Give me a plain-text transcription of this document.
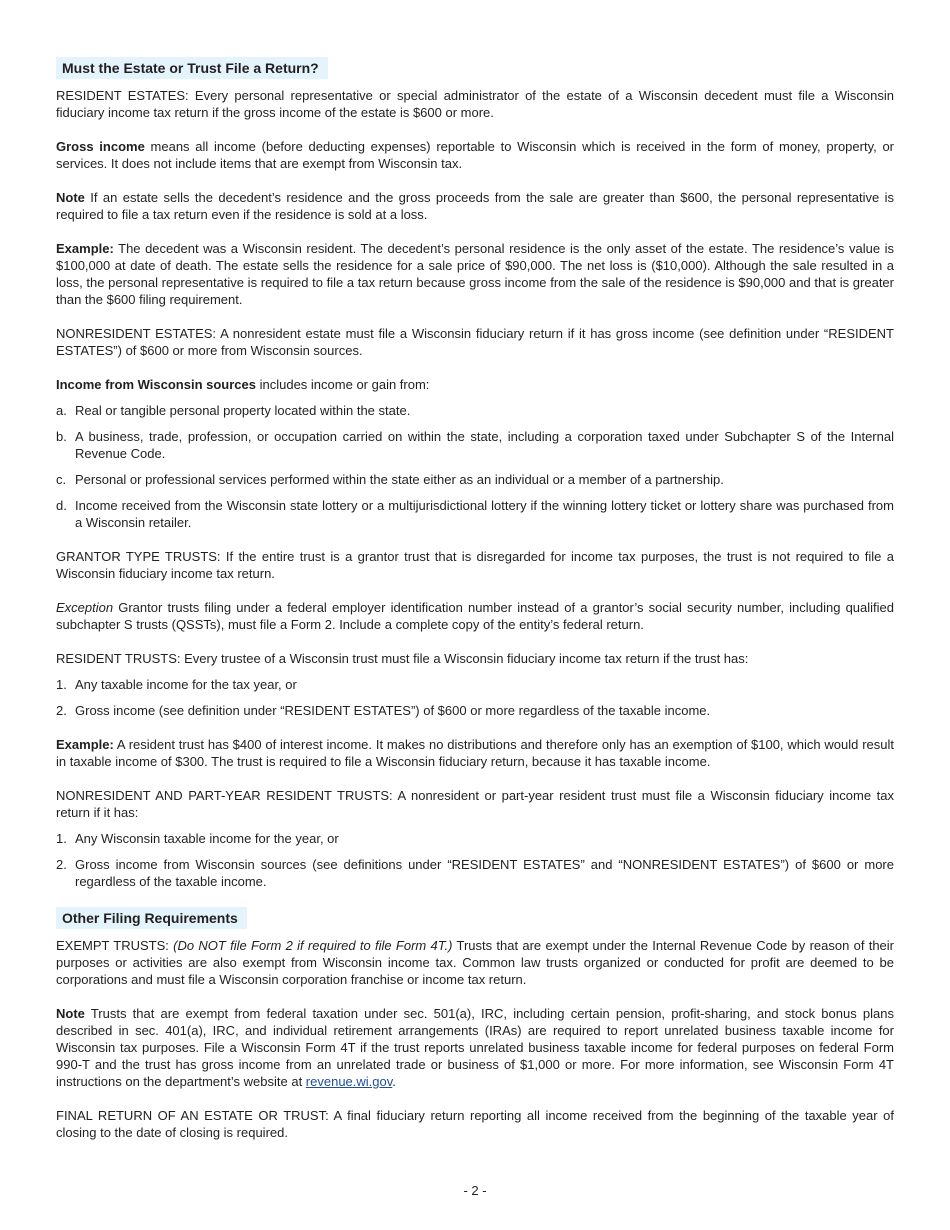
Must the Estate or Trust File a Return?

RESIDENT ESTATES: Every personal representative or special administrator of the estate of a Wisconsin decedent must file a Wisconsin fiduciary income tax return if the gross income of the estate is $600 or more.

Gross income means all income (before deducting expenses) reportable to Wisconsin which is received in the form of money, property, or services. It does not include items that are exempt from Wisconsin tax.

Note If an estate sells the decedent’s residence and the gross proceeds from the sale are greater than $600, the personal representative is required to file a tax return even if the residence is sold at a loss.

Example: The decedent was a Wisconsin resident. The decedent’s personal residence is the only asset of the estate. The residence’s value is $100,000 at date of death. The estate sells the residence for a sale price of $90,000. The net loss is ($10,000). Although the sale resulted in a loss, the personal representative is required to file a tax return because gross income from the sale of the residence is $90,000 and that is greater than the $600 filing requirement.

NONRESIDENT ESTATES: A nonresident estate must file a Wisconsin fiduciary return if it has gross income (see definition under “RESIDENT ESTATES”) of $600 or more from Wisconsin sources.

Income from Wisconsin sources includes income or gain from:

a. Real or tangible personal property located within the state.
b. A business, trade, profession, or occupation carried on within the state, including a corporation taxed under Subchapter S of the Internal Revenue Code.
c. Personal or professional services performed within the state either as an individual or a member of a partnership.
d. Income received from the Wisconsin state lottery or a multijurisdictional lottery if the winning lottery ticket or lottery share was purchased from a Wisconsin retailer.

GRANTOR TYPE TRUSTS: If the entire trust is a grantor trust that is disregarded for income tax purposes, the trust is not required to file a Wisconsin fiduciary income tax return.

Exception Grantor trusts filing under a federal employer identification number instead of a grantor’s social security number, including qualified subchapter S trusts (QSSTs), must file a Form 2. Include a complete copy of the entity’s federal return.

RESIDENT TRUSTS: Every trustee of a Wisconsin trust must file a Wisconsin fiduciary income tax return if the trust has:

1. Any taxable income for the tax year, or
2. Gross income (see definition under “RESIDENT ESTATES”) of $600 or more regardless of the taxable income.

Example: A resident trust has $400 of interest income. It makes no distributions and therefore only has an exemption of $100, which would result in taxable income of $300. The trust is required to file a Wisconsin fiduciary return, because it has taxable income.

NONRESIDENT AND PART-YEAR RESIDENT TRUSTS: A nonresident or part-year resident trust must file a Wisconsin fiduciary income tax return if it has:

1. Any Wisconsin taxable income for the year, or
2. Gross income from Wisconsin sources (see definitions under “RESIDENT ESTATES” and “NONRESIDENT ESTATES”) of $600 or more regardless of the taxable income.
Other Filing Requirements

EXEMPT TRUSTS: (Do NOT file Form 2 if required to file Form 4T.) Trusts that are exempt under the Internal Revenue Code by reason of their purposes or activities are also exempt from Wisconsin income tax. Common law trusts organized or conducted for profit are deemed to be corporations and must file a Wisconsin corporation franchise or income tax return.

Note Trusts that are exempt from federal taxation under sec. 501(a), IRC, including certain pension, profit-sharing, and stock bonus plans described in sec. 401(a), IRC, and individual retirement arrangements (IRAs) are required to report unrelated business taxable income for Wisconsin tax purposes. File a Wisconsin Form 4T if the trust reports unrelated business taxable income for federal purposes on federal Form 990-T and the trust has gross income from an unrelated trade or business of $1,000 or more. For more information, see Wisconsin Form 4T instructions on the department’s website at revenue.wi.gov.

FINAL RETURN OF AN ESTATE OR TRUST: A final fiduciary return reporting all income received from the beginning of the taxable year of closing to the date of closing is required.

- 2 -
